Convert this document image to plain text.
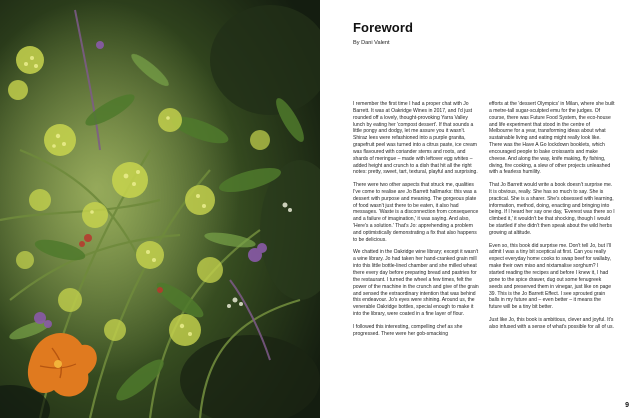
Foreword
By Dani Valent

I remember the first time I had a proper chat with Jo Barrett. It was at Oakridge Wines in 2017, and I'd just rounded off a lovely, thought-provoking Yarra Valley lunch by eating her 'compost dessert'. If that sounds a little pongy and dodgy, let me assure you it wasn't. Shiraz lees were refashioned into a purple granita, grapefruit peel was turned into a citrus paste, ice cream was flavoured with coriander stems and roots, and shards of meringue – made with leftover egg whites – added height and crunch to a dish that hit all the right notes: pretty, sweet, tart, textural, playful and surprising.

There were two other aspects that struck me, qualities I've come to realise are Jo Barrett hallmarks: this was a dessert with purpose and meaning. The gorgeous plate of food wasn't just there to be eaten, it also had messages. 'Waste is a disconnection from consequence and a failure of imagination,' it was saying. And also, 'Here's a solution.' That's Jo: apprehending a problem and optimistically demonstrating a fix that also happens to be delicious.

We chatted in the Oakridge wine library; except it wasn't a wine library. Jo had taken her hand-cranked grain mill into this little bottle-lined chamber and she milled wheat there every day before preparing bread and pastries for the restaurant. I turned the wheel a few times, felt the power of the machine in the crunch and give of the grain and sensed the extraordinary intention that was behind this endeavour. Jo's eyes were shining. Around us, the venerable Oakridge bottles, special enough to make it into the library, were coated in a fine layer of flour.

I followed this interesting, compelling chef as she progressed. There were her gob-smacking

efforts at the 'dessert Olympics' in Milan, where she built a metre-tall sugar-sculpted emu for the judges. Of course, there was Future Food System, the eco-house and life experiment that stood in the centre of Melbourne for a year, transforming ideas about what sustainable living and eating might really look like. There was the Have A Go lockdown booklets, which encouraged people to bake croissants and make cheese. And along the way, knife making, fly fishing, diving, fire cooking, a slew of other projects unleashed with a fearless humility.

That Jo Barrett would write a book doesn't surprise me. It is obvious, really. She has so much to say. She is practical. She is a sharer. She's obsessed with learning, information, method, doing, enacting and bringing into being. If I heard her say one day, 'Everest was there so I climbed it,' it wouldn't be that shocking, though I would be startled if she didn't then speak about the wild herbs growing at altitude.

Even so, this book did surprise me. Don't tell Jo, but I'll admit I was a tiny bit sceptical at first. Can you really expect everyday home cooks to swap beef for wallaby, make their own miso and nixtamalise sorghum? I started reading the recipes and before I knew it, I had gone to the spice drawer, dug out some fenugreek seeds and preserved them in vinegar, just like on page 39. This is the Jo Barrett Effect. I see sprouted grain balls in my future and – even better – it means the future will be a tiny bit better.

Just like Jo, this book is ambitious, clever and joyful. It's also infused with a sense of what's possible for all of us.

9
